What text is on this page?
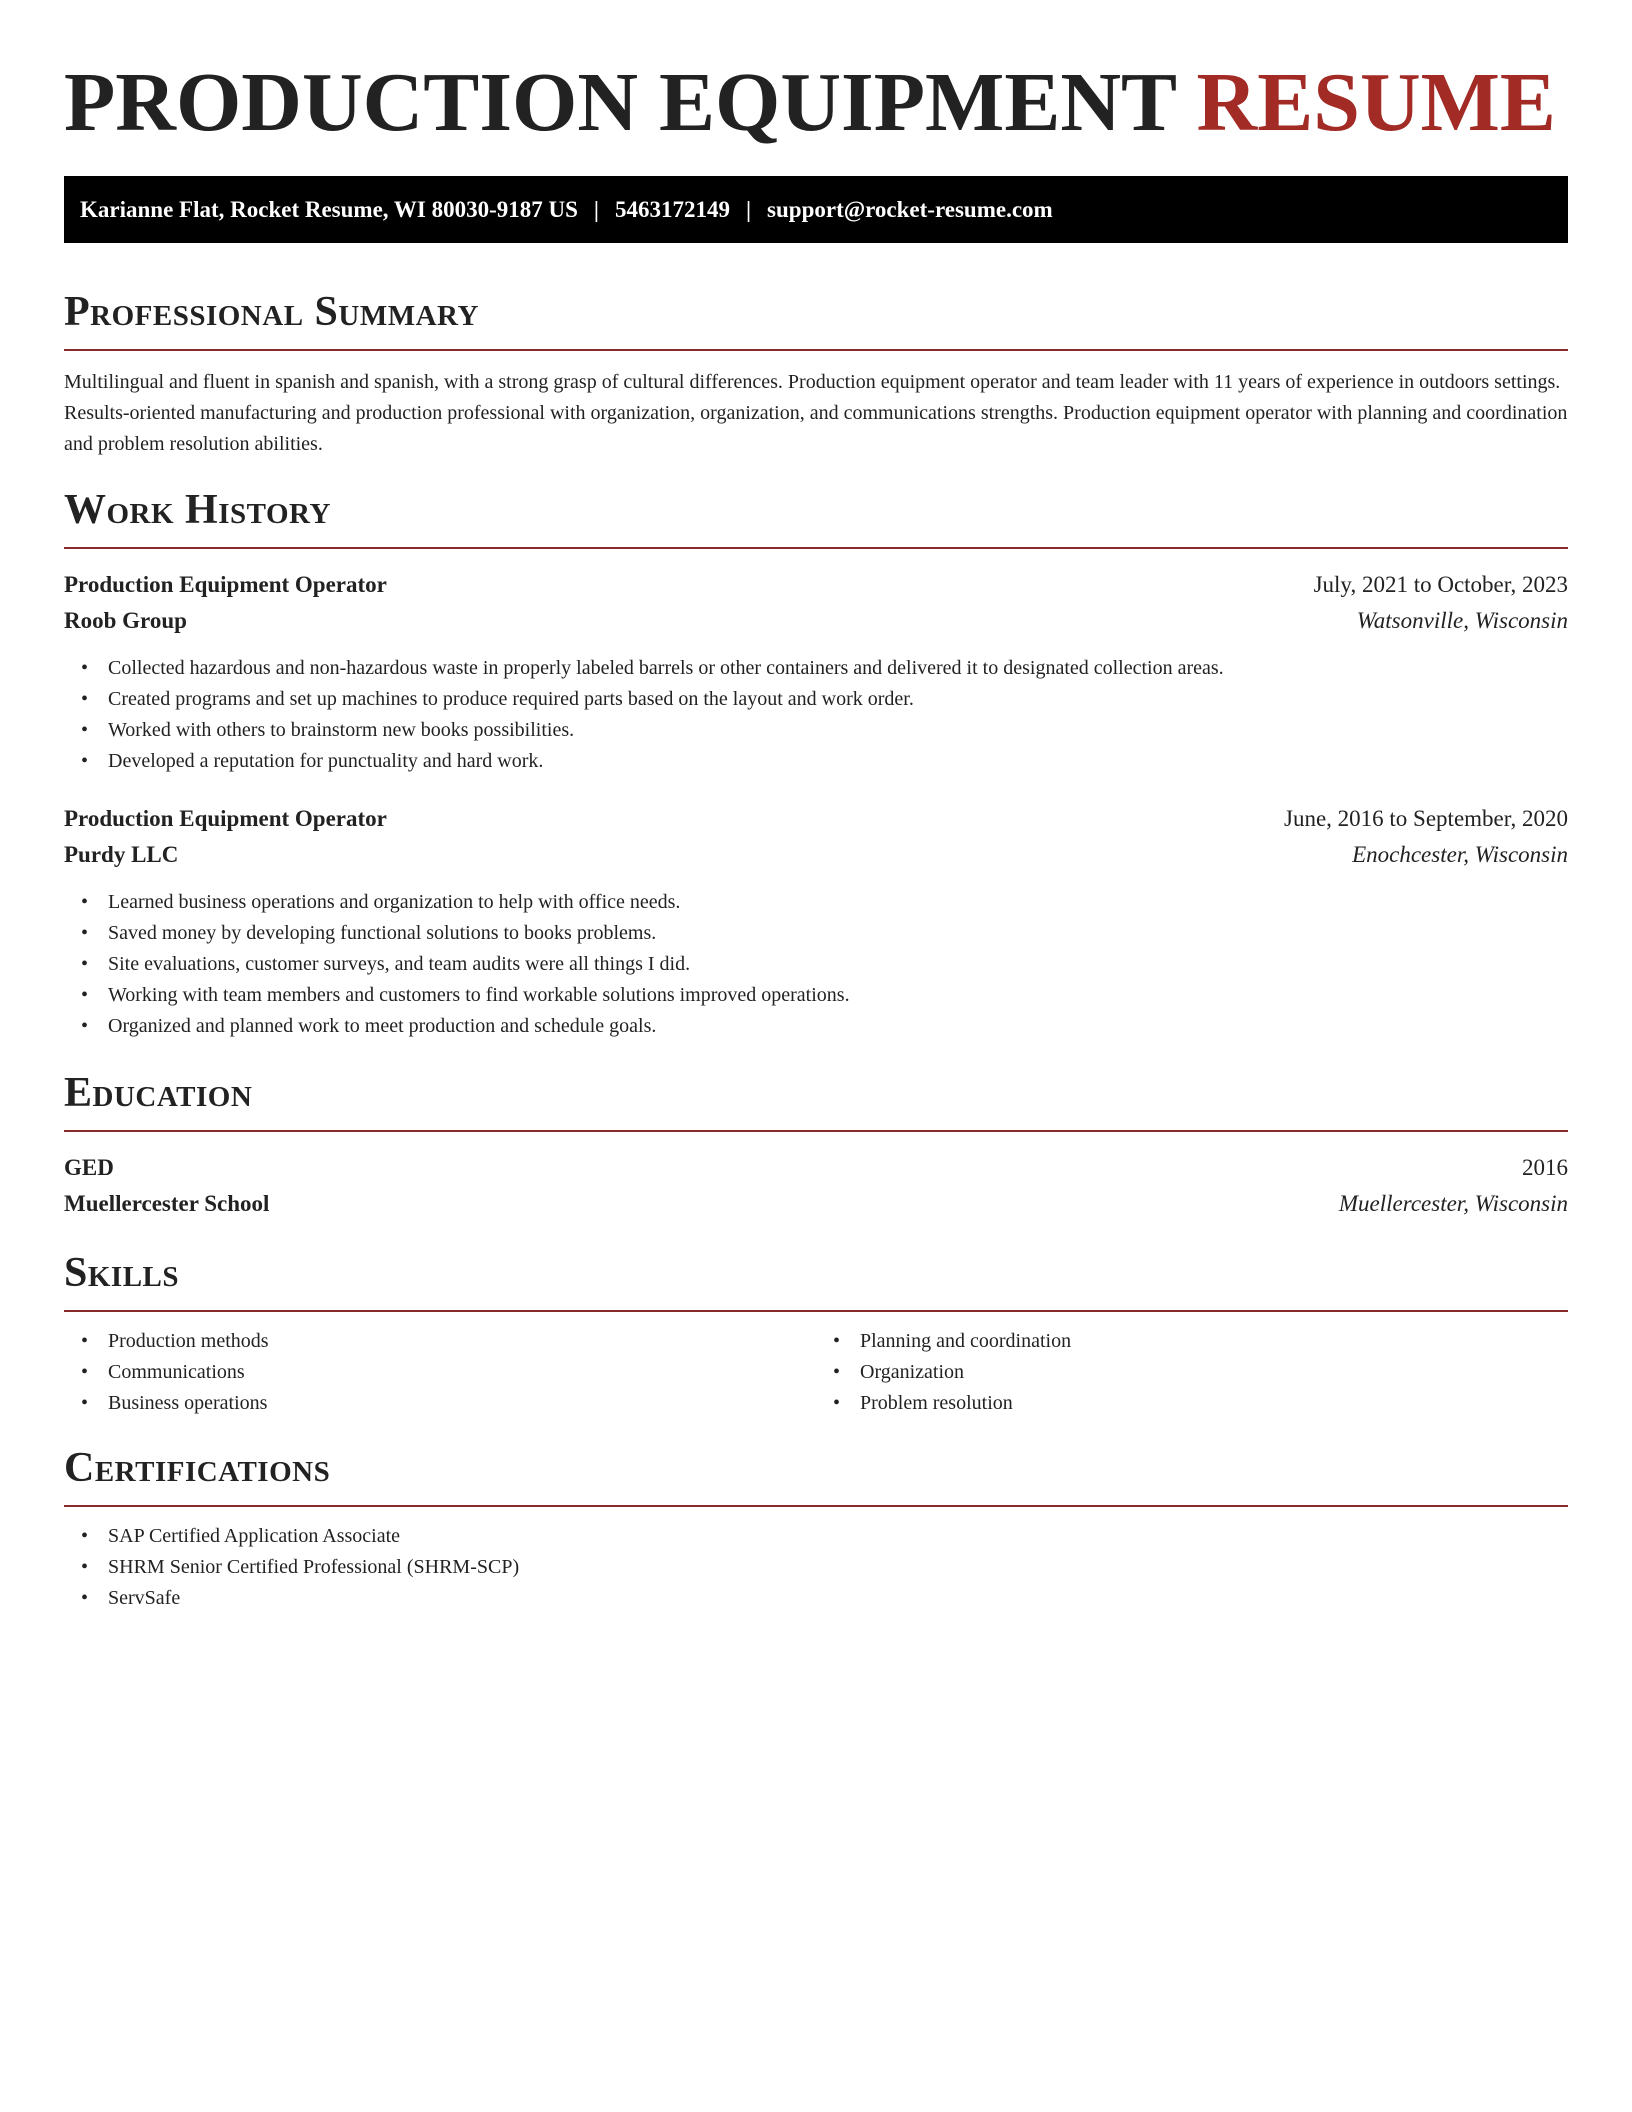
PRODUCTION EQUIPMENT RESUME
Karianne Flat, Rocket Resume, WI 80030-9187 US | 5463172149 | support@rocket-resume.com
Professional Summary

Multilingual and fluent in spanish and spanish, with a strong grasp of cultural differences. Production equipment operator and team leader with 11 years of experience in outdoors settings. Results-oriented manufacturing and production professional with organization, organization, and communications strengths. Production equipment operator with planning and coordination and problem resolution abilities.

Work History
Production Equipment Operator	July, 2021 to October, 2023
Roob Group	Watsonville, Wisconsin
• Collected hazardous and non-hazardous waste in properly labeled barrels or other containers and delivered it to designated collection areas.
• Created programs and set up machines to produce required parts based on the layout and work order.
• Worked with others to brainstorm new books possibilities.
• Developed a reputation for punctuality and hard work.
Production Equipment Operator	June, 2016 to September, 2020
Purdy LLC	Enochcester, Wisconsin
• Learned business operations and organization to help with office needs.
• Saved money by developing functional solutions to books problems.
• Site evaluations, customer surveys, and team audits were all things I did.
• Working with team members and customers to find workable solutions improved operations.
• Organized and planned work to meet production and schedule goals.
Education
GED	2016
Muellercester School	Muellercester, Wisconsin
Skills
• Production methods
• Communications
• Business operations
• Planning and coordination
• Organization
• Problem resolution
Certifications
• SAP Certified Application Associate
• SHRM Senior Certified Professional (SHRM-SCP)
• ServSafe
